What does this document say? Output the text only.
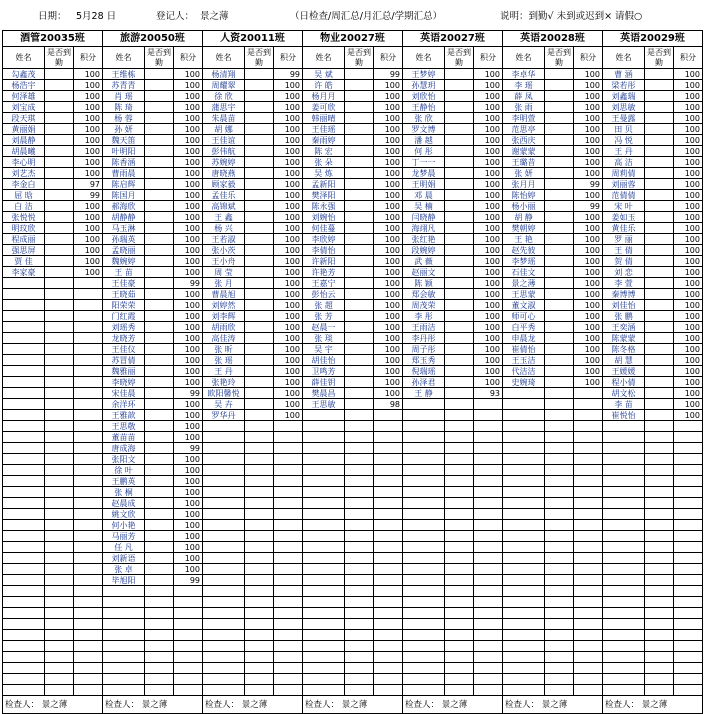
日期： 5月28 日	登记人： 景之薄	（日检查/周汇总/月汇总/学期汇总）	说明：到勤√ 未到或迟到× 请假○
酒管20035班
姓名
是否到勤
积分
勾鑫茂	100
杨浩宇	100
何泽雄	100
刘宝成	100
段天琪	100
黄丽娟	100
刘晨静	100
胡晨曦	100
李心明	100
刘艺杰	100
李金白	97
屈 晗	99
白 洁	100
张悦悦	100
明玟欣	100
程成丽	100
强思屏	100
贾 佳	100
李家豪	100
检查人： 景之薄
旅游20050班
姓名
是否到勤
积分
王维栋	100
苏青青	100
肖 瑶	100
陈 琦	100
杨 蓉	100
孙 妍	100
魏天笛	100
叶明阳	100
陈香涵	100
曹雨晨	100
陈启辉	100
陈国月	100
郝海欣	100
胡静静	100
马玉淋	100
孙瑞英	100
孟晓丽	100
魏婉婷	100
王 苗	100
王佳豪	99
王晓茹	100
阳荣荣	100
门红霞	100
刘瑶秀	100
龙晓芳	100
王佳仪	100
苏冒倩	100
魏雅丽	100
李晓婷	100
宋佳晨	99
余洋环	100
王雅歆	100
王思敬	100
董苗苗	100
唐成海	99
张阳文	100
徐 叶	100
王鹏英	100
张 桐	100
赵晨成	100
姚文欣	100
何小艳	100
马丽芳	100
任 凡	100
刘新语	100
张 卓	100
毕旭阳	99
检查人： 景之薄
人资20011班
姓名
是否到勤
积分
杨清翔	99
周耀翠	100
徐 欣	100
蒲思宇	100
朱晨苗	100
胡 娜	100
王佳谊	100
彭伟航	100
苏婉婷	100
唐晓燕	100
顾家毅	100
孟佳乐	100
高锦斌	100
王 鑫	100
杨 兴	100
王若淑	100
张小茨	100
王小舟	100
周 莹	100
张 月	100
曹晨旭	100
刘婷然	100
刘李辉	100
胡雨欣	100
高佳涛	100
张 昕	100
张 瑶	100
王 丹	100
张艳玲	100
欧阳馨悦	100
吴 卉	100
罗华丹	100
检查人： 景之薄
物业20027班
姓名
是否到勤
积分
吴 斌	99
许 皓	100
杨月月	100
姜可欣	100
韩丽晴	100
王佳瑶	100
秦雨婷	100
陈 宏	100
张 朵	100
吴 炼	100
孟新阳	100
樊泽阳	100
陈永强	100
刘婉怡	100
何佳蔓	100
李欣婷	100
李倩怡	100
许新阳	100
许艳芳	100
王嘉宁	100
彭怡云	100
张 超	100
张 芳	100
赵晨一	100
张 琰	100
吴 宇	100
胡佳怡	100
卫鸣芳	100
薛佳钥	100
樊晨昌	100
王思敏	98
检查人： 景之薄
英语20027班
姓名
是否到勤
积分
王梦婷	100
孙慧玥	100
刘欣怡	100
王静怡	100
张 欣	100
罗文博	100
潘 越	100
何 彤	100
丁一一	100
龙梦晨	100
王明娟	100
邓 晨	100
吴 楠	100
闫晓静	100
海翊凡	100
张红艳	100
段婉婷	100
武 薇	100
赵丽文	100
陈 颖	100
郑会敏	100
周茂荣	100
李 彤	100
王雨洁	100
李丹彤	100
周子彤	100
郑玉秀	100
倪瑞瑶	100
孙泽君	100
王 静	93
检查人： 景之薄
英语20028班
姓名
是否到勤
积分
李卓华	100
李 瑶	100
薛 凤	100
张 雨	100
李明萱	100
范思亭	100
张西庆	100
谢蒙蒙	100
王璐昔	100
张 妍	100
张月月	99
陈怡婷	100
杨小丽	99
胡 静	100
樊朝婷	100
王 艳	100
赵先彼	100
李梦瑶	100
石佳文	100
景之薄	100
王思蒙	100
董文淑	100
师可心	100
白平秀	100
申晨龙	100
崔倩怡	100
王玉洁	100
代洁洁	100
史婉琦	100
检查人： 景之薄
英语20029班
姓名
是否到勤
积分
曹 涵	100
梁若彤	100
刘鑫瑞	100
刘思敏	100
王曼露	100
田 贝	100
冯 悦	100
王 丹	100
高 洁	100
周莉倩	100
刘丽蓉	100
范倩倩	100
宋 叶	100
姜如玉	100
黄佳乐	100
罗 丽	100
王 倩	100
贺 倩	100
刘 恋	100
李 萱	100
秦博博	100
刘佳怡	100
张 鹏	100
王奕涵	100
陈蒙蒙	100
陈冬格	100
胡 慧	100
王媛媛	100
程小倩	100
胡文松	100
李 苗	100
崔悦怡	100
检查人： 景之薄
